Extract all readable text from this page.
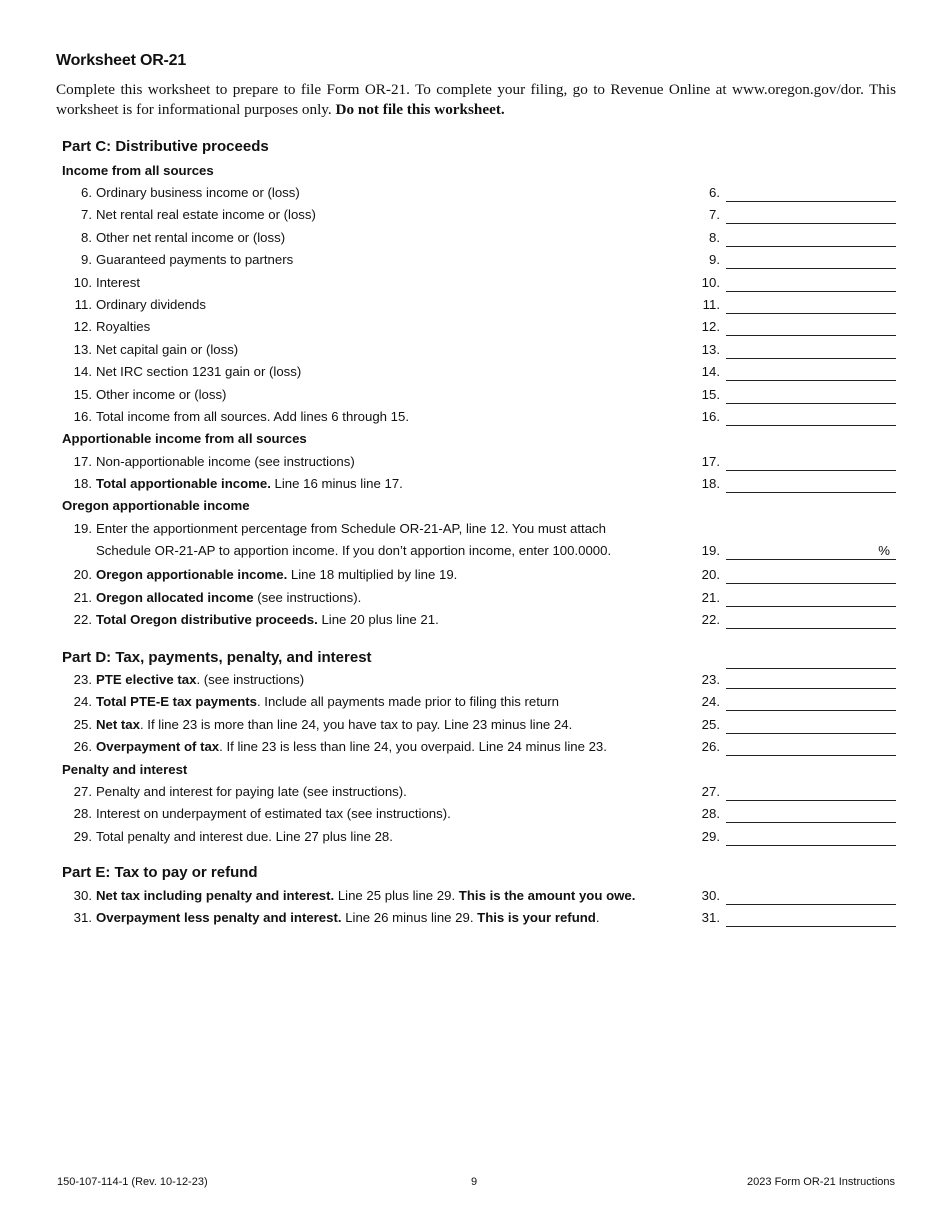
Worksheet OR-21
Complete this worksheet to prepare to file Form OR-21. To complete your filing, go to Revenue Online at www.oregon.gov/dor. This worksheet is for informational purposes only. Do not file this worksheet.
Part C: Distributive proceeds
Income from all sources
6. Ordinary business income or (loss)	6.
7. Net rental real estate income or (loss)	7.
8. Other net rental income or (loss)	8.
9. Guaranteed payments to partners	9.
10. Interest	10.
11. Ordinary dividends	11.
12. Royalties	12.
13. Net capital gain or (loss)	13.
14. Net IRC section 1231 gain or (loss)	14.
15. Other income or (loss)	15.
16. Total income from all sources. Add lines 6 through 15.	16.
Apportionable income from all sources
17. Non-apportionable income (see instructions)	17.
18. Total apportionable income. Line 16 minus line 17.	18.
Oregon apportionable income
19. Enter the apportionment percentage from Schedule OR-21-AP, line 12. You must attach
Schedule OR-21-AP to apportion income. If you don’t apportion income, enter 100.0000.	19.	%
20. Oregon apportionable income. Line 18 multiplied by line 19.	20.
21. Oregon allocated income (see instructions).	21.
22. Total Oregon distributive proceeds. Line 20 plus line 21.	22.
Part D: Tax, payments, penalty, and interest
23. PTE elective tax. (see instructions)	23.
24. Total PTE-E tax payments. Include all payments made prior to filing this return	24.
25. Net tax. If line 23 is more than line 24, you have tax to pay. Line 23 minus line 24.	25.
26. Overpayment of tax. If line 23 is less than line 24, you overpaid. Line 24 minus line 23.	26.
Penalty and interest
27. Penalty and interest for paying late (see instructions).	27.
28. Interest on underpayment of estimated tax (see instructions).	28.
29. Total penalty and interest due. Line 27 plus line 28.	29.
Part E: Tax to pay or refund
30. Net tax including penalty and interest. Line 25 plus line 29. This is the amount you owe.	30.
31. Overpayment less penalty and interest. Line 26 minus line 29. This is your refund.	31.
150-107-114-1 (Rev. 10-12-23)	9	2023 Form OR-21 Instructions
